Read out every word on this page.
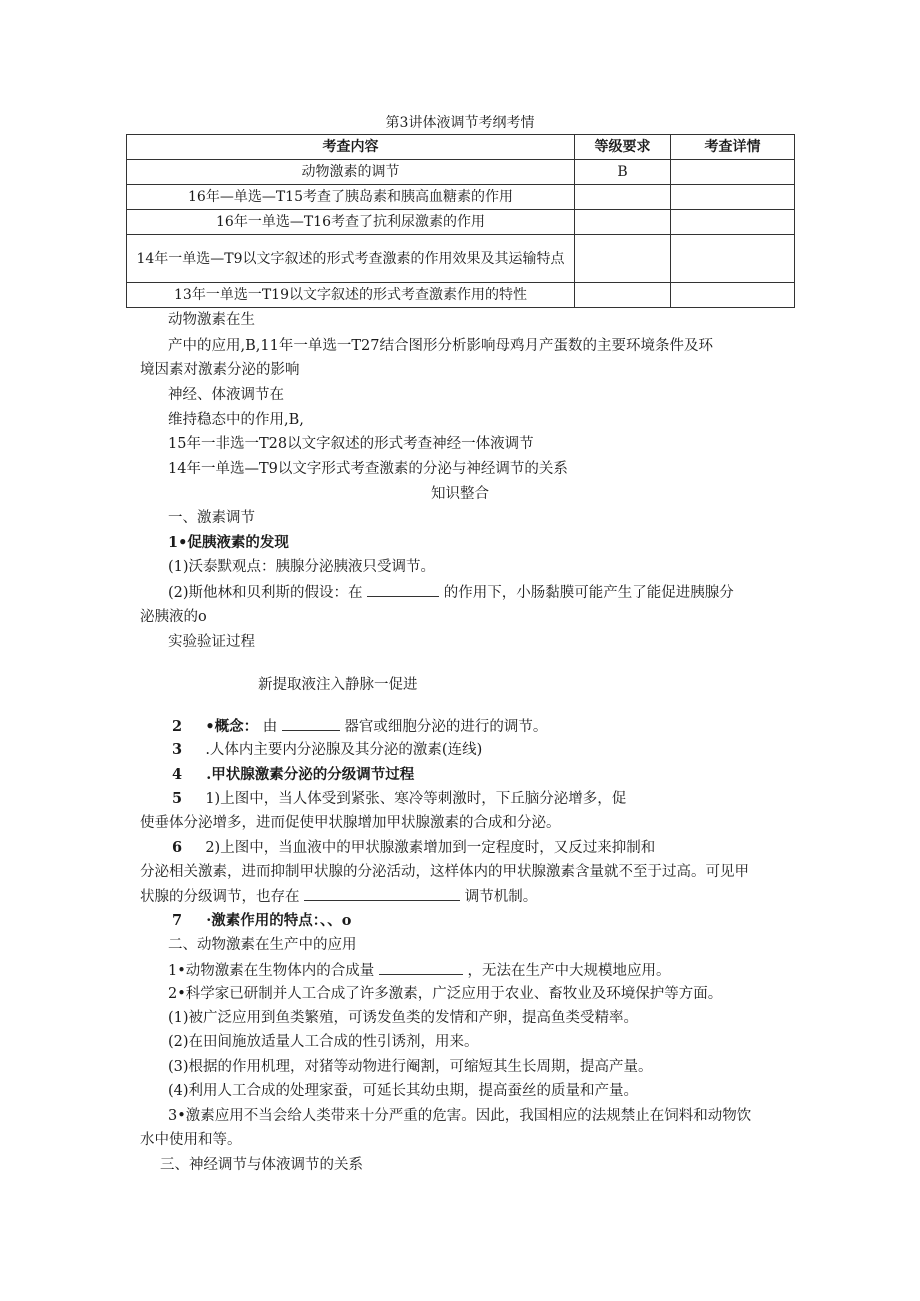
第3讲体液调节考纲考情
考查内容	等级要求	考查详情
动物激素的调节	B	
16年—单选—T15考查了胰岛素和胰高血糖素的作用		
16年一单选—T16考查了抗利尿激素的作用		
14年一单选—T9以文字叙述的形式考查激素的作用效果及其运输特点		
13年一单选一T19以文字叙述的形式考查激素作用的特性		
动物激素在生
产中的应用,B,11年一单选一T27结合图形分析影响母鸡月产蛋数的主要环境条件及环
境因素对激素分泌的影响
神经、体液调节在
维持稳态中的作用,B,
15年一非选一T28以文字叙述的形式考查神经一体液调节
14年一单选—T9以文字形式考查激素的分泌与神经调节的关系
知识整合
一、激素调节
1•促胰液素的发现
(1)沃泰默观点：胰腺分泌胰液只受调节。
(2)斯他林和贝利斯的假设：在	的作用下，小肠黏膜可能产生了能促进胰腺分
泌胰液的o
实验验证过程
新提取液注入静脉一促进
2 •概念： 由	器官或细胞分泌的进行的调节。
3 .人体内主要内分泌腺及其分泌的激素(连线)
4 .甲状腺激素分泌的分级调节过程
5 1)上图中，当人体受到紧张、寒冷等刺激时，下丘脑分泌增多，促
使垂体分泌增多，进而促使甲状腺增加甲状腺激素的合成和分泌。
6 2)上图中，当血液中的甲状腺激素增加到一定程度时，又反过来抑制和
分泌相关激素，进而抑制甲状腺的分泌活动，这样体内的甲状腺激素含量就不至于过高。可见甲
状腺的分级调节，也存在	调节机制。
7 ·激素作用的特点：、、o
二、动物激素在生产中的应用
1•动物激素在生物体内的合成量	，无法在生产中大规模地应用。
2•科学家已研制并人工合成了许多激素，广泛应用于农业、畜牧业及环境保护等方面。
(1)被广泛应用到鱼类繁殖，可诱发鱼类的发情和产卵，提高鱼类受精率。
(2)在田间施放适量人工合成的性引诱剂，用来。
(3)根据的作用机理，对猪等动物进行阉割，可缩短其生长周期，提高产量。
(4)利用人工合成的处理家蚕，可延长其幼虫期，提高蚕丝的质量和产量。
3•激素应用不当会给人类带来十分严重的危害。因此，我国相应的法规禁止在饲料和动物饮
水中使用和等。
三、神经调节与体液调节的关系
